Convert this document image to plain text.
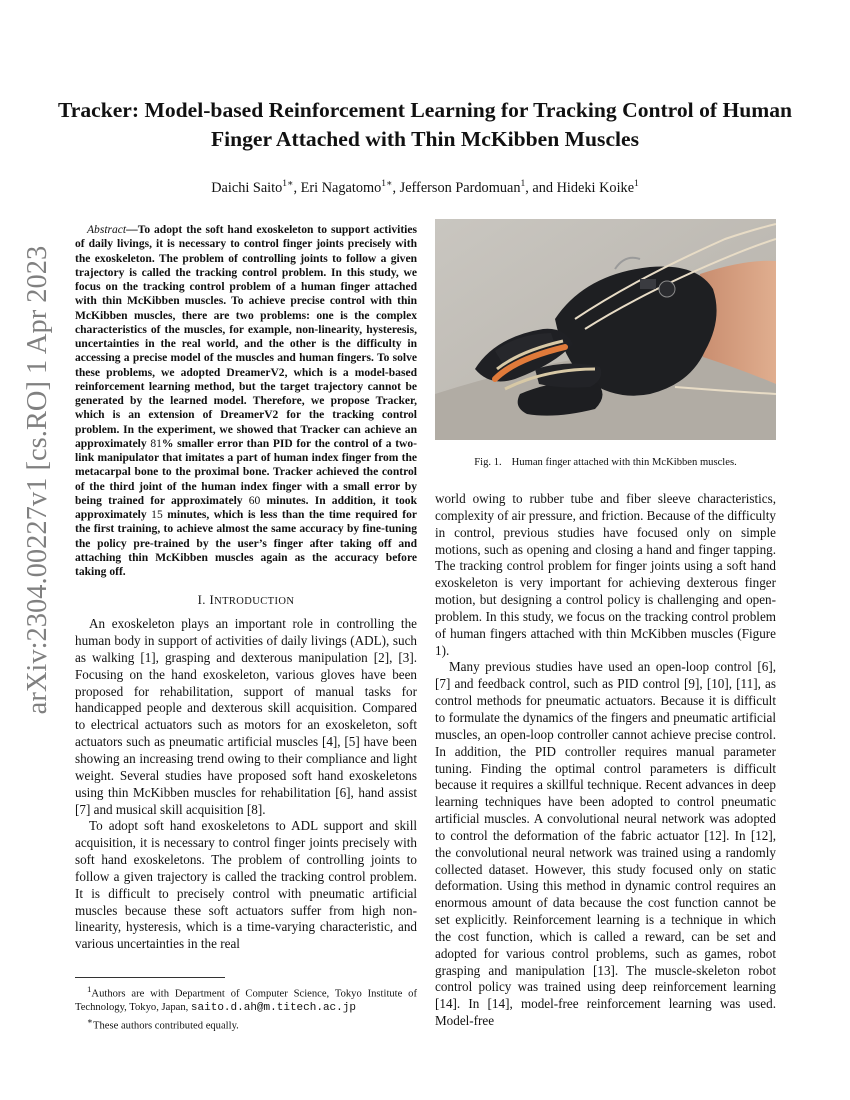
arXiv:2304.00227v1 [cs.RO] 1 Apr 2023
Tracker: Model-based Reinforcement Learning for Tracking Control of Human Finger Attached with Thin McKibben Muscles
Daichi Saito$^{1∗}$, Eri Nagatomo$^{1∗}$, Jefferson Pardomuan$^1$, and Hideki Koike$^1$

Abstract—To adopt the soft hand exoskeleton to support activities of daily livings, it is necessary to control finger joints precisely with the exoskeleton. The problem of controlling joints to follow a given trajectory is called the tracking control problem. In this study, we focus on the tracking control problem of a human finger attached with thin McKibben muscles. To achieve precise control with thin McKibben muscles, there are two problems: one is the complex characteristics of the muscles, for example, non-linearity, hysteresis, uncertainties in the real world, and the other is the difficulty in accessing a precise model of the muscles and human fingers. To solve these problems, we adopted DreamerV2, which is a model-based reinforcement learning method, but the target trajectory cannot be generated by the learned model. Therefore, we propose Tracker, which is an extension of DreamerV2 for the tracking control problem. In the experiment, we showed that Tracker can achieve an approximately 81% smaller error than PID for the control of a two-link manipulator that imitates a part of human index finger from the metacarpal bone to the proximal bone. Tracker achieved the control of the third joint of the human index finger with a small error by being trained for approximately 60 minutes. In addition, it took approximately 15 minutes, which is less than the time required for the first training, to achieve almost the same accuracy by fine-tuning the policy pre-trained by the user’s finger after taking off and attaching thin McKibben muscles again as the accuracy before taking off.

I. INTRODUCTION

An exoskeleton plays an important role in controlling the human body in support of activities of daily livings (ADL), such as walking [1], grasping and dexterous manipulation [2], [3]. Focusing on the hand exoskeleton, various gloves have been proposed for rehabilitation, support of manual tasks for handicapped people and dexterous skill acquisition. Compared to electrical actuators such as motors for an exoskeleton, soft actuators such as pneumatic artificial muscles [4], [5] have been showing an increasing trend owing to their compliance and light weight. Several studies have proposed soft hand exoskeletons using thin McKibben muscles for rehabilitation [6], hand assist [7] and musical skill acquisition [8].

To adopt soft hand exoskeletons to ADL support and skill acquisition, it is necessary to control finger joints precisely with soft hand exoskeletons. The problem of controlling joints to follow a given trajectory is called the tracking control problem. It is difficult to precisely control with pneumatic artificial muscles because these soft actuators suffer from high non-linearity, hysteresis, which is a time-varying characteristic, and various uncertainties in the real

$^1$Authors are with Department of Computer Science, Tokyo Institute of Technology, Tokyo, Japan, saito.d.ah@m.titech.ac.jp

∗These authors contributed equally.

Fig. 1. Human finger attached with thin McKibben muscles.

world owing to rubber tube and fiber sleeve characteristics, complexity of air pressure, and friction. Because of the difficulty in control, previous studies have focused only on simple motions, such as opening and closing a hand and finger tapping. The tracking control problem for finger joints using a soft hand exoskeleton is very important for achieving dexterous finger motion, but designing a control policy is challenging and open-problem. In this study, we focus on the tracking control problem of human fingers attached with thin McKibben muscles (Figure 1).

Many previous studies have used an open-loop control [6], [7] and feedback control, such as PID control [9], [10], [11], as control methods for pneumatic actuators. Because it is difficult to formulate the dynamics of the fingers and pneumatic artificial muscles, an open-loop controller cannot achieve precise control. In addition, the PID controller requires manual parameter tuning. Finding the optimal control parameters is difficult because it requires a skillful technique. Recent advances in deep learning techniques have been adopted to control pneumatic artificial muscles. A convolutional neural network was adopted to control the deformation of the fabric actuator [12]. In [12], the convolutional neural network was trained using a randomly collected dataset. However, this study focused only on static deformation. Using this method in dynamic control requires an enormous amount of data because the cost function cannot be set explicitly. Reinforcement learning is a technique in which the cost function, which is called a reward, can be set and adopted for various control problems, such as games, robot grasping and manipulation [13]. The muscle-skeleton robot control policy was trained using deep reinforcement learning [14]. In [14], model-free reinforcement learning was used. Model-free
